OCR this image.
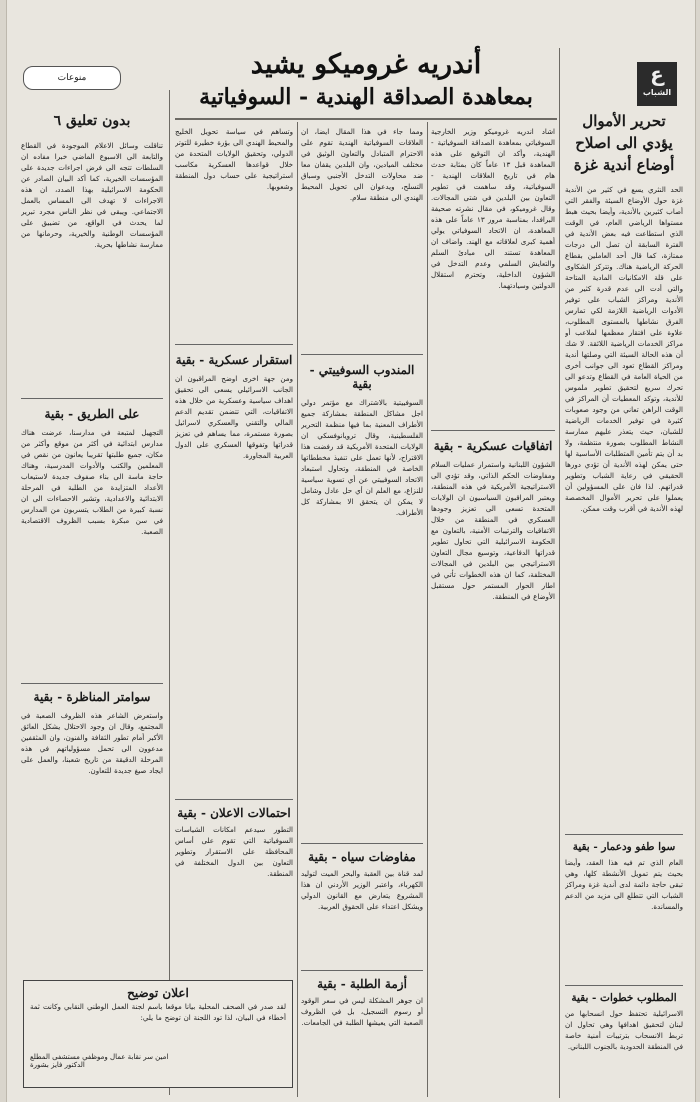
منوعات	أندريه غروميكو يشيد
بمعاهدة الصداقة الهندية - السوفياتية
ع
الشباب
تحرير الأموال يؤدي الى اصلاح أوضاع أندية غزة

الحد النثري يسع في كثير من الأندية غزة حول الأوضاع السيئة والفقر التي أصاب كثيرين بالأندية، وأيضا بحيث هبط مستواها الرياضي العام، في الوقت الذي استطاعت فيه بعض الأندية في الفترة السابقة أن تصل الى درجات ممتازة، كما قال أحد العاملين بقطاع الحركة الرياضية هناك. وتتركز الشكاوى على قلة الامكانيات المادية المتاحة والتي أدت الى عدم قدرة كثير من الأندية ومراكز الشباب على توفير الأدوات الرياضية اللازمة لكي تمارس الفرق نشاطها بالمستوى المطلوب، علاوة على افتقار معظمها لملاعب أو مراكز الخدمات الرياضية اللائقة. لا شك أن هذه الحالة السيئة التي وصلتها أندية ومراكز القطاع تعود الى جوانب أخرى من الحياة العامة في القطاع وتدعو الى تحرك سريع لتحقيق تطوير ملموس للأندية، وتوكد المعطيات أن المراكز في الوقت الراهن تعاني من وجود صعوبات كثيرة في توفير الخدمات الرياضية للشبان، حيث يتعذر عليهم ممارسة النشاط المطلوب بصورة منتظمة، ولا بد أن يتم تأمين المتطلبات الأساسية لها حتى يمكن لهذه الأندية أن تؤدي دورها الحقيقي في رعاية الشباب وتطوير قدراتهم. لذا فان على المسؤولين أن يعملوا على تحرير الأموال المخصصة لهذه الأندية في أقرب وقت ممكن.

سوا طفو ودعمار - بقية

العام الذي تم فيه هذا العقد، وأيضا بحيث يتم تمويل الأنشطة كلها، وهي تبقى حاجة دائمة لدى أندية غزة ومراكز الشباب التي تتطلع الى مزيد من الدعم والمساندة.

المطلوب خطوات - بقية

الاسرائيلية تحتفظ حول انسحابها من لبنان لتحقيق اهدافها وهي تحاول ان تربط الانسحاب بترتيبات أمنية خاصة في المنطقة الحدودية بالجنوب اللبناني.

اشاد اندريه غروميكو وزير الخارجية السوفياتي بمعاهدة الصداقة السوفياتية - الهندية، وأكد ان التوقيع على هذه المعاهدة قبل ١٣ عاماً كان بمثابة حدث هام في تاريخ العلاقات الهندية - السوفياتية، وقد ساهمت في تطوير التعاون بين البلدين في شتى المجالات. وقال غروميكو، في مقال نشرته صحيفة البرافدا، بمناسبة مرور ١٣ عاماً على هذه المعاهدة، ان الاتحاد السوفياتي يولي أهمية كبرى لعلاقاته مع الهند. واضاف ان المعاهدة تستند الى مبادئ السلم والتعايش السلمي وعدم التدخل في الشؤون الداخلية، وتحترم استقلال الدولتين وسيادتهما.

اتفاقيات عسكرية - بقية

الشؤون اللبنانية واستمرار عمليات السلام ومفاوضات الحكم الذاتي، وقد تؤدي الى الاستراتيجية الأمريكية في هذه المنطقة، ويعتبر المراقبون السياسيون ان الولايات المتحدة تسعى الى تعزيز وجودها العسكري في المنطقة من خلال الاتفاقيات والترتيبات الأمنية، بالتعاون مع الحكومة الاسرائيلية التي تحاول تطوير قدراتها الدفاعية، وتوسيع مجال التعاون الاستراتيجي بين البلدين في المجالات المختلفة، كما ان هذه الخطوات تأتي في اطار الحوار المستمر حول مستقبل الأوضاع في المنطقة.

ومما جاء في هذا المقال ايضا، ان العلاقات السوفياتية الهندية تقوم على الاحترام المتبادل والتعاون الوثيق في مختلف الميادين، وان البلدين يقفان معا ضد محاولات التدخل الأجنبي وسباق التسلح، ويدعوان الى تحويل المحيط الهندي الى منطقة سلام.

المندوب السوفييتي - بقية

السوفييتية بالاشتراك مع مؤتمر دولي اجل مشاكل المنطقة بمشاركة جميع الأطراف المعنية بما فيها منظمة التحرير الفلسطينية، وقال ترويانوفسكي ان الولايات المتحدة الأمريكية قد رفضت هذا الاقتراح، لأنها تعمل على تنفيذ مخططاتها الخاصة في المنطقة، وتحاول استبعاد الاتحاد السوفييتي عن أي تسوية سياسية للنزاع، مع العلم ان أي حل عادل وشامل لا يمكن ان يتحقق الا بمشاركة كل الأطراف.

مفاوضات سياه - بقية

لمد قناة بين العقبة والبحر الميت لتوليد الكهرباء، واعتبر الوزير الأردني ان هذا المشروع يتعارض مع القانون الدولي ويشكل اعتداء على الحقوق العربية.

أزمة الطلبة - بقية

ان جوهر المشكلة ليس في سعر الوقود أو رسوم التسجيل، بل في الظروف الصعبة التي يعيشها الطلبة في الجامعات.

وتساهم في سياسة تحويل الخليج والمحيط الهندي الى بؤرة خطيرة للتوتر الدولي، وتحقيق الولايات المتحدة من خلال قواعدها العسكرية مكاسب استراتيجية على حساب دول المنطقة وشعوبها.

استقرار عسكرية - بقية

ومن جهة اخرى اوضح المراقبون ان الجانب الاسرائيلي يسعى الى تحقيق اهداف سياسية وعسكرية من خلال هذه الاتفاقيات، التي تتضمن تقديم الدعم المالي والتقني والعسكري لاسرائيل بصورة مستمرة، مما يساهم في تعزيز قدراتها وتفوقها العسكري على الدول العربية المجاورة.

احتمالات الاعلان - بقية

التطور سيدعم امكانات الشياسات السوفياتية التي تقوم على أساس المحافظة على الاستقرار وتطوير التعاون بين الدول المختلفة في المنطقة.

بدون تعليق ٦

تناقلت وسائل الاعلام الموجودة في القطاع والتابعة الى الاسبوع الماضي خبرا مفاده ان السلطات تتجه الى فرض اجراءات جديدة على المؤسسات الخيرية، كما أكد البيان الصادر عن الحكومة الاسرائيلية بهذا الصدد، ان هذه الاجراءات لا تهدف الى المساس بالعمل الاجتماعي. ويبقى في نظر الناس مجرد تبرير لما يحدث في الواقع، من تضييق على المؤسسات الوطنية والخيرية، وحرمانها من ممارسة نشاطها بحرية.

على الطريق - بقية

التجهيل لمتبعة في مدارسنا، عرضت هناك مدارس ابتدائية في أكثر من موقع وأكثر من مكان، جميع طلبتها تقريبا يعانون من نقص في المعلمين والكتب والأدوات المدرسية، وهناك حاجة ماسة الى بناء صفوف جديدة لاستيعاب الأعداد المتزايدة من الطلبة في المرحلة الابتدائية والاعدادية، وتشير الاحصاءات الى ان نسبة كبيرة من الطلاب يتسربون من المدارس في سن مبكرة بسبب الظروف الاقتصادية الصعبة.

سوامتر المناظرة - بقية

واستعرض الشاعر هذه الظروف الصعبة في المجتمع، وقال ان وجود الاحتلال يشكل العائق الأكبر أمام تطور الثقافة والفنون، وان المثقفين مدعوون الى تحمل مسؤولياتهم في هذه المرحلة الدقيقة من تاريخ شعبنا، والعمل على ايجاد صيغ جديدة للتعاون.

اعلان توضيح

لقد صدر في الصحف المحلية بيانا موقعا باسم لجنة العمل الوطني النقابي وكانت ثمة أخطاء في البيان، لذا تود اللجنة ان توضح ما يلي:

امين سر نقابة عمال وموظفي مستشفى المطلع
الدكتور فايز بشورة
